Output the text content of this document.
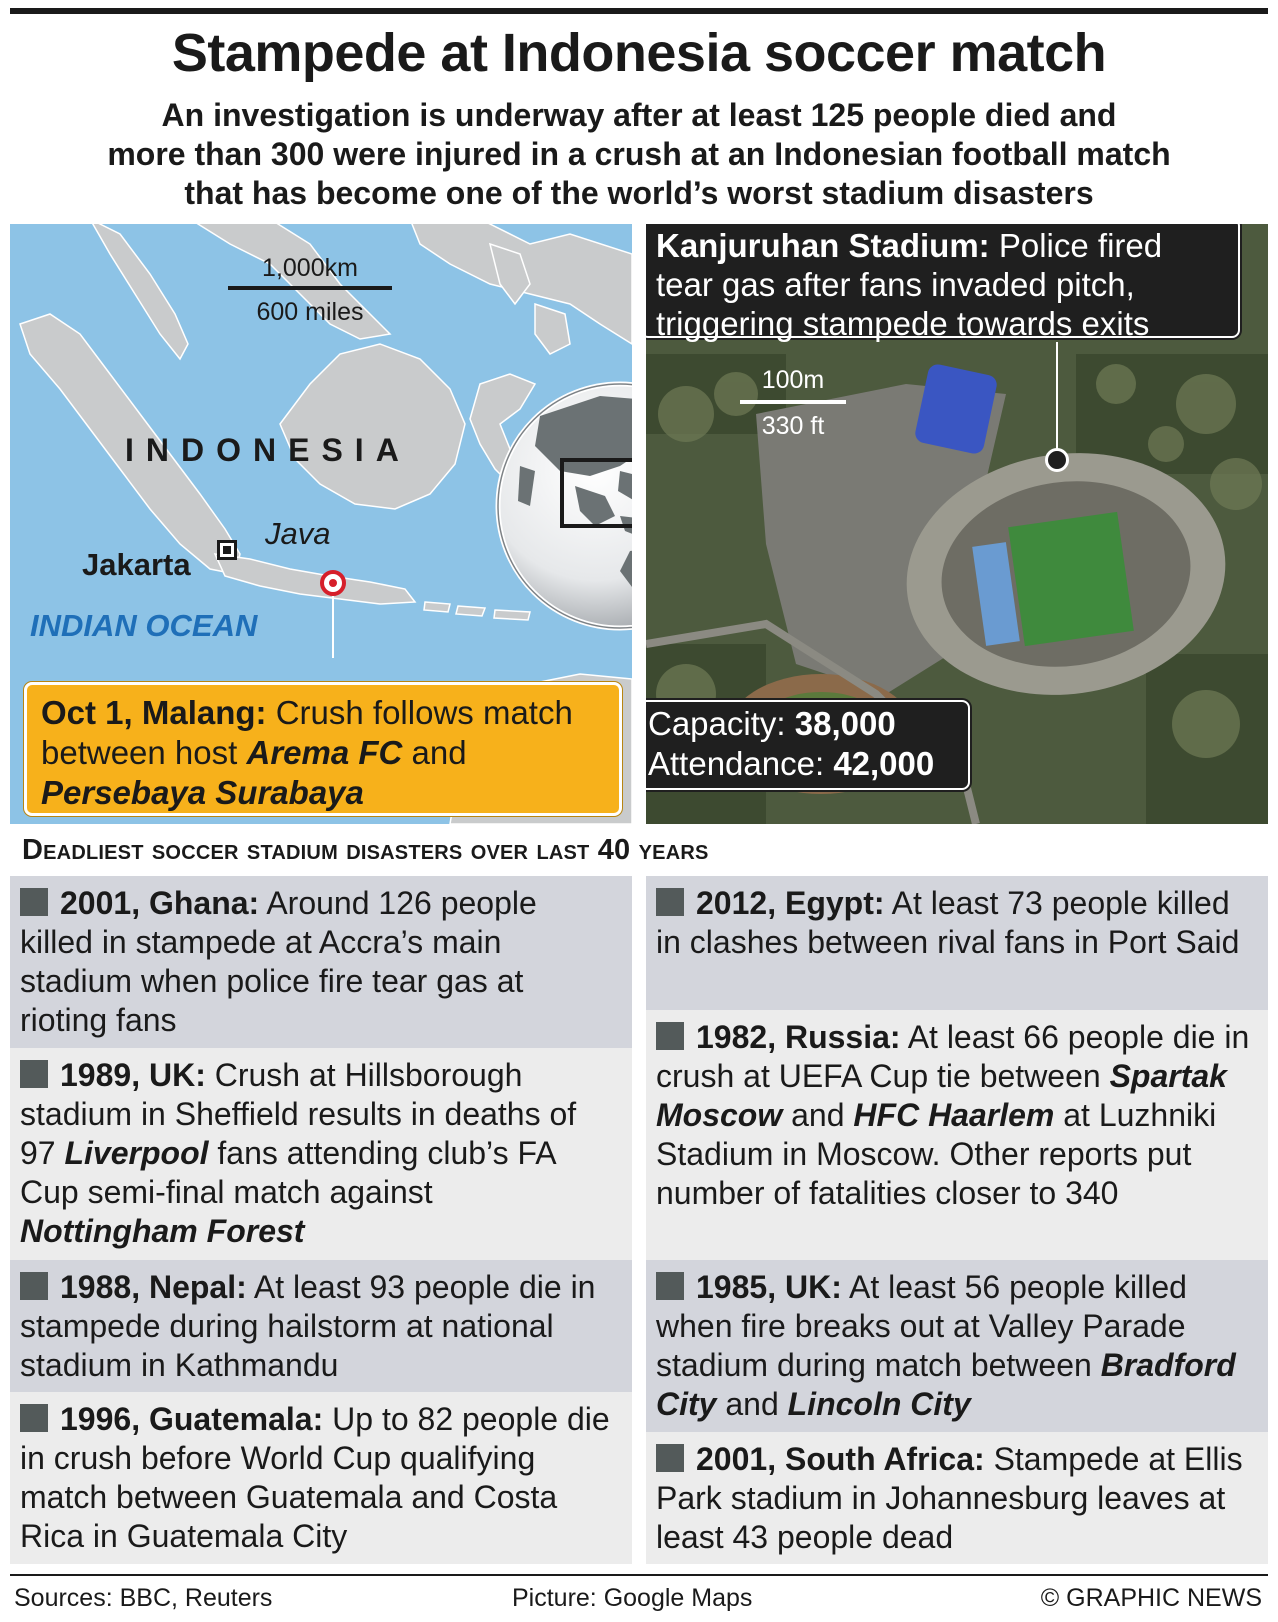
Stampede at Indonesia soccer match
An investigation is underway after at least 125 people died and
more than 300 were injured in a crush at an Indonesian football match
that has become one of the world’s worst stadium disasters
1,000km
600 miles
INDONESIA
Java
Jakarta
INDIAN OCEAN
Oct 1, Malang: Crush follows match between host Arema FC and Persebaya Surabaya
100m
330 ft
Kanjuruhan Stadium: Police fired tear gas after fans invaded pitch, triggering stampede towards exits
Capacity: 38,000
Attendance: 42,000
Deadliest soccer stadium disasters over last 40 years
2001, Ghana: Around 126 people killed in stampede at Accra’s main stadium when police fire tear gas at rioting fans
1989, UK: Crush at Hillsborough stadium in Sheffield results in deaths of 97 Liverpool fans attending club’s FA Cup semi-final match against Nottingham Forest
1988, Nepal: At least 93 people die in stampede during hailstorm at national stadium in Kathmandu
1996, Guatemala: Up to 82 people die in crush before World Cup qualifying match between Guatemala and Costa Rica in Guatemala City
2012, Egypt: At least 73 people killed in clashes between rival fans in Port Said
1982, Russia: At least 66 people die in crush at UEFA Cup tie between Spartak Moscow and HFC Haarlem at Luzhniki Stadium in Moscow. Other reports put number of fatalities closer to 340
1985, UK: At least 56 people killed when fire breaks out at Valley Parade stadium during match between Bradford City and Lincoln City
2001, South Africa: Stampede at Ellis Park stadium in Johannesburg leaves at least 43 people dead
Sources: BBC, Reuters	Picture: Google Maps	© GRAPHIC NEWS
